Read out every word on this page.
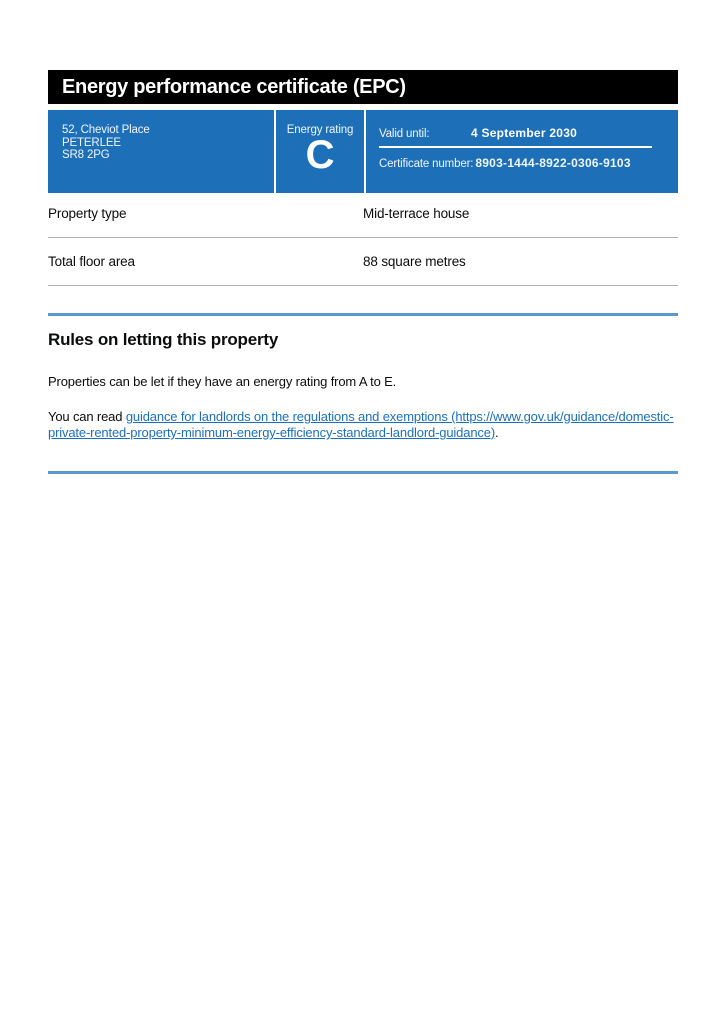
Energy performance certificate (EPC)
52, Cheviot Place
PETERLEE
SR8 2PG
Energy rating
C	Valid until:	4 September 2030
Certificate number: 8903-1444-8922-0306-9103
Property type	Mid-terrace house
Total floor area	88 square metres
Rules on letting this property

Properties can be let if they have an energy rating from A to E.

You can read guidance for landlords on the regulations and exemptions (https://www.gov.uk/guidance/domestic-private-rented-property-minimum-energy-efficiency-standard-landlord-guidance).
